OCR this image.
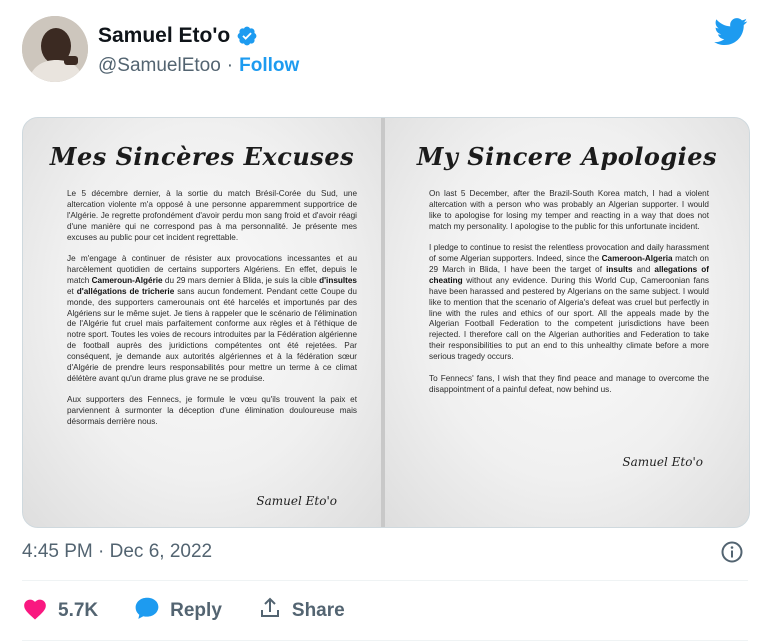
Samuel Eto'o
@SamuelEtoo · Follow
Mes Sincères Excuses

Le 5 décembre dernier, à la sortie du match Brésil-Corée du Sud, une altercation violente m'a opposé à une personne apparemment supportrice de l'Algérie. Je regrette profondément d'avoir perdu mon sang froid et d'avoir réagi d'une manière qui ne correspond pas à ma personnalité. Je présente mes excuses au public pour cet incident regrettable.

Je m'engage à continuer de résister aux provocations incessantes et au harcèlement quotidien de certains supporters Algériens. En effet, depuis le match Cameroun-Algérie du 29 mars dernier à Blida, je suis la cible d'insultes et d'allégations de tricherie sans aucun fondement. Pendant cette Coupe du monde, des supporters camerounais ont été harcelés et importunés par des Algériens sur le même sujet. Je tiens à rappeler que le scénario de l'élimination de l'Algérie fut cruel mais parfaitement conforme aux règles et à l'éthique de notre sport. Toutes les voies de recours introduites par la Fédération algérienne de football auprès des juridictions compétentes ont été rejetées. Par conséquent, je demande aux autorités algériennes et à la fédération sœur d'Algérie de prendre leurs responsabilités pour mettre un terme à ce climat délétère avant qu'un drame plus grave ne se produise.

Aux supporters des Fennecs, je formule le vœu qu'ils trouvent la paix et parviennent à surmonter la déception d'une élimination douloureuse mais désormais derrière nous.

Samuel Eto'o
My Sincere Apologies

On last 5 December, after the Brazil-South Korea match, I had a violent altercation with a person who was probably an Algerian supporter. I would like to apologise for losing my temper and reacting in a way that does not match my personality. I apologise to the public for this unfortunate incident.

I pledge to continue to resist the relentless provocation and daily harassment of some Algerian supporters. Indeed, since the Cameroon-Algeria match on 29 March in Blida, I have been the target of insults and allegations of cheating without any evidence. During this World Cup, Cameroonian fans have been harassed and pestered by Algerians on the same subject. I would like to mention that the scenario of Algeria's defeat was cruel but perfectly in line with the rules and ethics of our sport. All the appeals made by the Algerian Football Federation to the competent jurisdictions have been rejected. I therefore call on the Algerian authorities and Federation to take their responsibilities to put an end to this unhealthy climate before a more serious tragedy occurs.

To Fennecs' fans, I wish that they find peace and manage to overcome the disappointment of a painful defeat, now behind us.

Samuel Eto'o
4:45 PM · Dec 6, 2022
5.7K	Reply	Share
